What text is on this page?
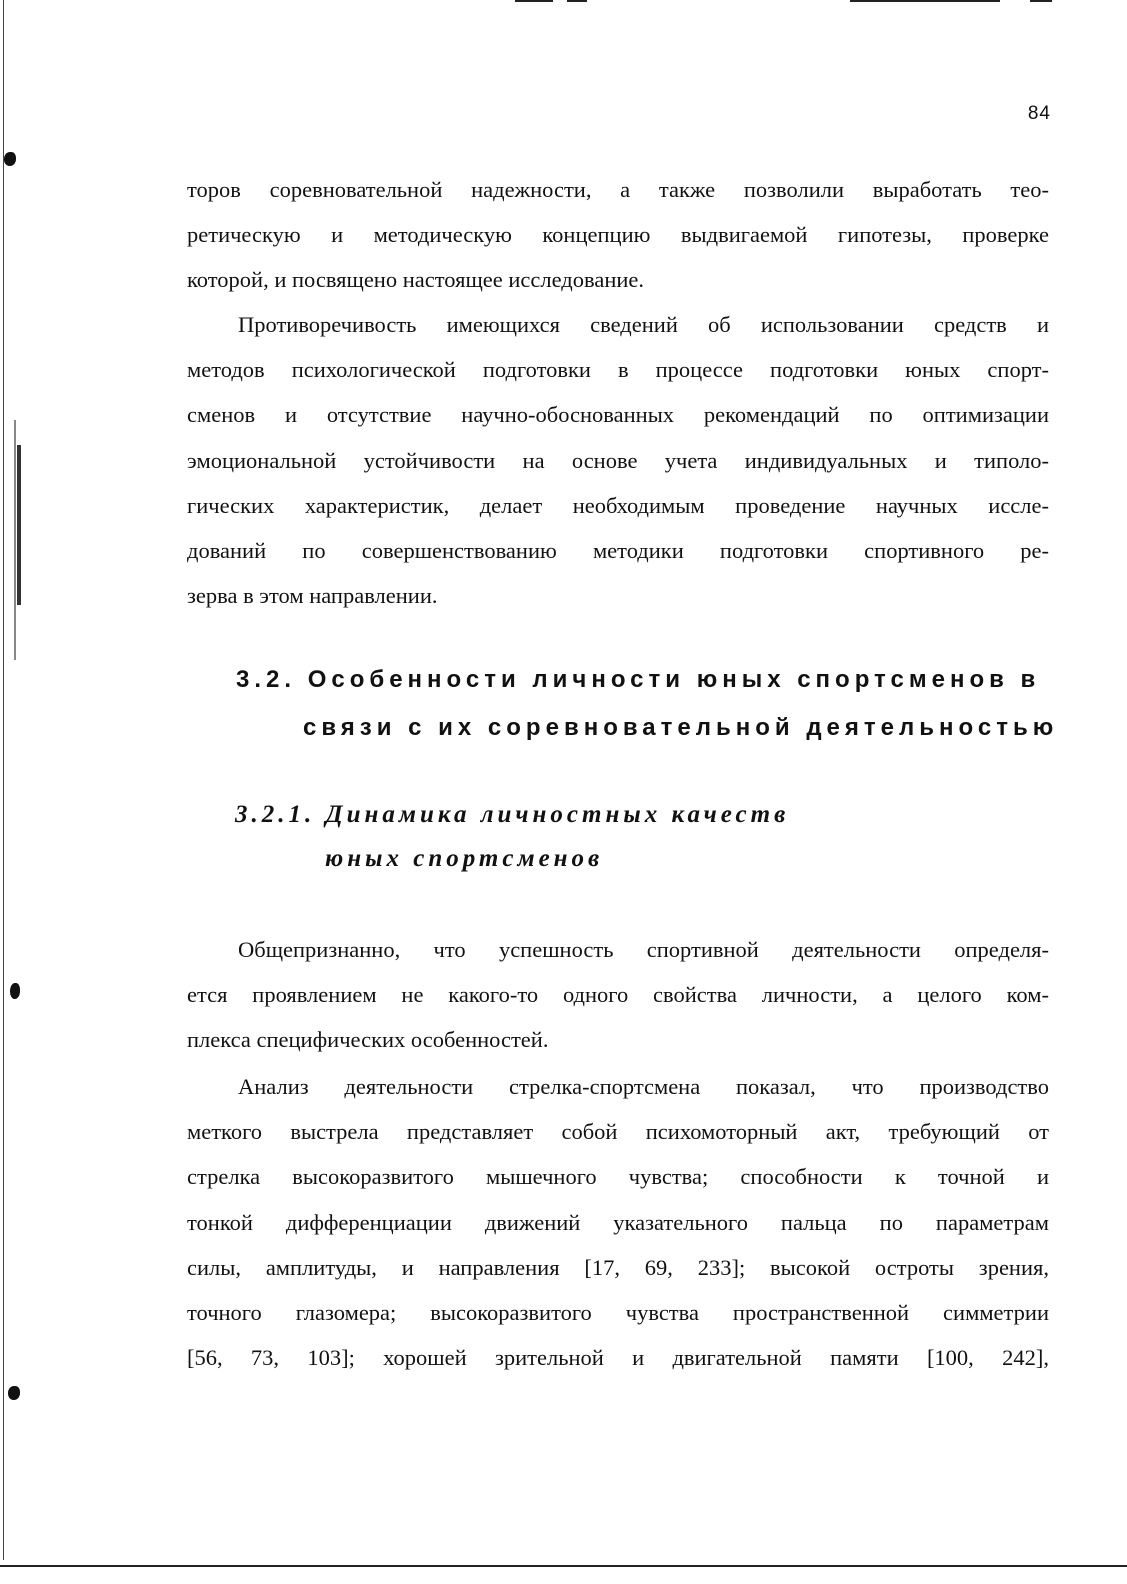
84
торов соревновательной надежности, а также позволили выработать тео-
ретическую и методическую концепцию выдвигаемой гипотезы, проверке
которой, и посвящено настоящее исследование.
Противоречивость имеющихся сведений об использовании средств и
методов психологической подготовки в процессе подготовки юных спорт-
сменов и отсутствие научно-обоснованных рекомендаций по оптимизации
эмоциональной устойчивости на основе учета индивидуальных и типоло-
гических характеристик, делает необходимым проведение научных иссле-
дований по совершенствованию методики подготовки спортивного ре-
зерва в этом направлении.
3.2. Особенности личности юных спортсменов в
связи с их соревновательной деятельностью
3.2.1. Динамика личностных качеств
юных спортсменов
Общепризнанно, что успешность спортивной деятельности определя-
ется проявлением не какого-то одного свойства личности, а целого ком-
плекса специфических особенностей.
Анализ деятельности стрелка-спортсмена показал, что производство
меткого выстрела представляет собой психомоторный акт, требующий от
стрелка высокоразвитого мышечного чувства; способности к точной и
тонкой дифференциации движений указательного пальца по параметрам
силы, амплитуды, и направления [17, 69, 233]; высокой остроты зрения,
точного глазомера; высокоразвитого чувства пространственной симметрии
[56, 73, 103]; хорошей зрительной и двигательной памяти [100, 242],
